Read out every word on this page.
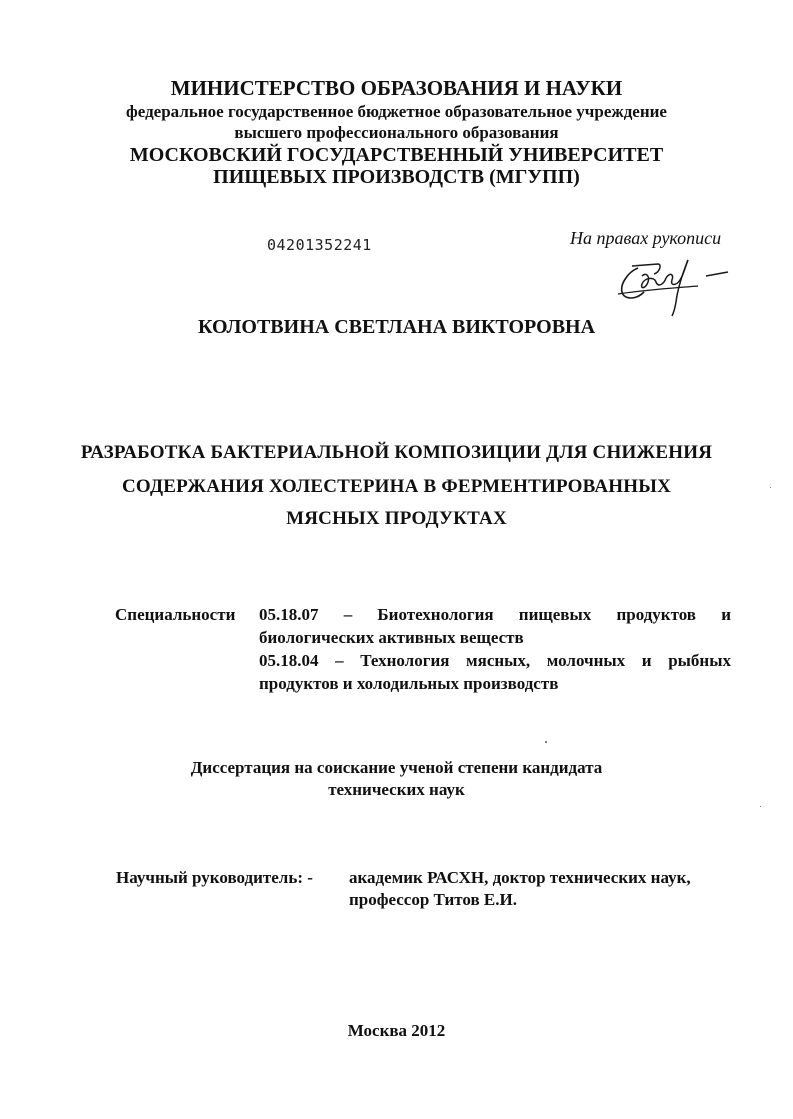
МИНИСТЕРСТВО ОБРАЗОВАНИЯ И НАУКИ
федеральное государственное бюджетное образовательное учреждение
высшего профессионального образования
МОСКОВСКИЙ ГОСУДАРСТВЕННЫЙ УНИВЕРСИТЕТ
ПИЩЕВЫХ ПРОИЗВОДСТВ (МГУПП)
04201352241	На правах рукописи
КОЛОТВИНА СВЕТЛАНА ВИКТОРОВНА
РАЗРАБОТКА БАКТЕРИАЛЬНОЙ КОМПОЗИЦИИ ДЛЯ СНИЖЕНИЯ
СОДЕРЖАНИЯ ХОЛЕСТЕРИНА В ФЕРМЕНТИРОВАННЫХ
МЯСНЫХ ПРОДУКТАХ
Специальности 05.18.07 – Биотехнология пищевых продуктов и биологических активных веществ
05.18.04 – Технология мясных, молочных и рыбных продуктов и холодильных производств
Диссертация на соискание ученой степени кандидата
технических наук
Научный руководитель: - академик РАСХН, доктор технических наук,
профессор Титов Е.И.
Москва 2012
